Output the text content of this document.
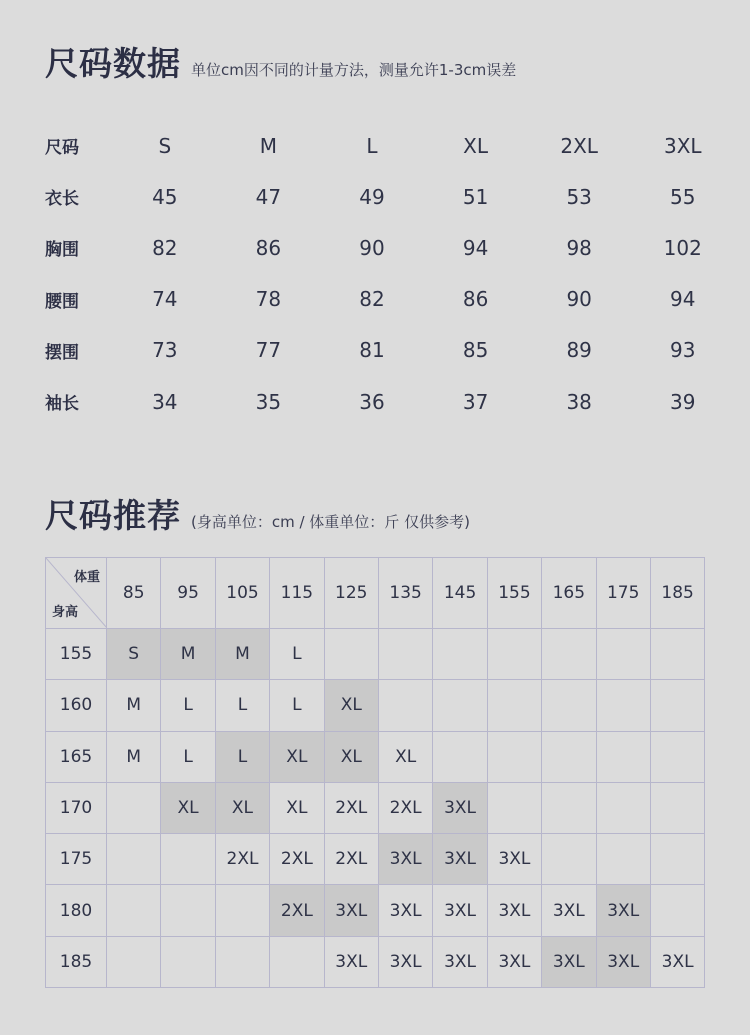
尺码数据 单位cm因不同的计量方法，测量允许1-3cm误差
尺码	S	M	L	XL	2XL	3XL
衣长	45	47	49	51	53	55
胸围	82	86	90	94	98	102
腰围	74	78	82	86	90	94
摆围	73	77	81	85	89	93
袖长	34	35	36	37	38	39
尺码推荐 (身高单位：cm / 体重单位：斤 仅供参考)
体重
身高	85	95	105	115	125	135	145	155	165	175	185
155	S	M	M	L							
160	M	L	L	L	XL						
165	M	L	L	XL	XL	XL					
170		XL	XL	XL	2XL	2XL	3XL				
175			2XL	2XL	2XL	3XL	3XL	3XL			
180				2XL	3XL	3XL	3XL	3XL	3XL	3XL	
185					3XL	3XL	3XL	3XL	3XL	3XL	3XL
